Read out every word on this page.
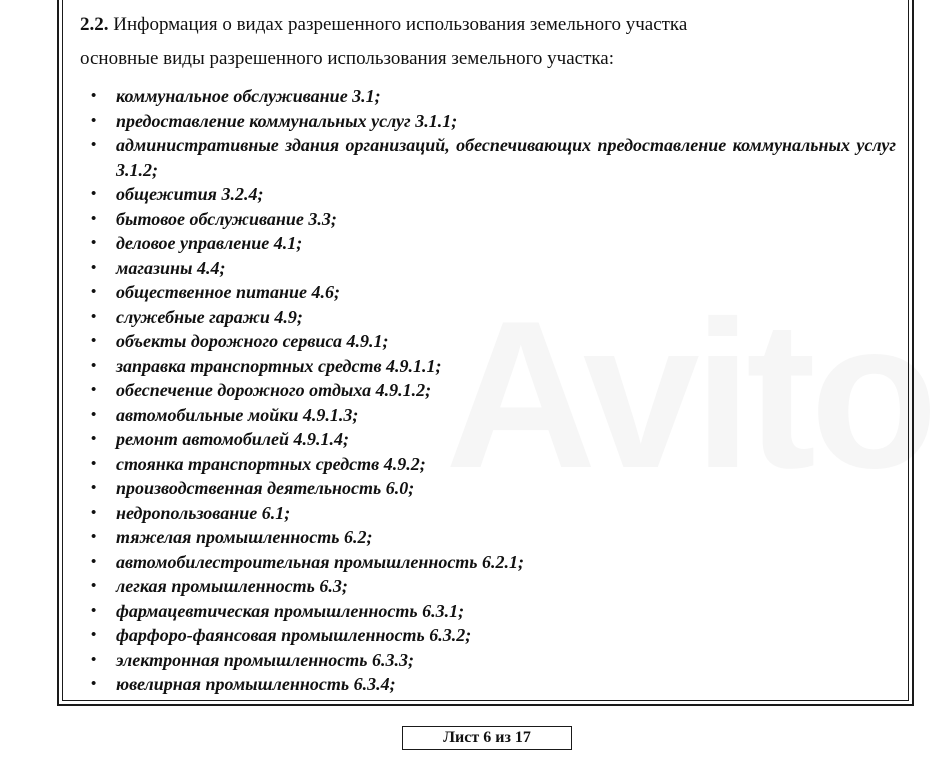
2.2. Информация о видах разрешенного использования земельного участка
основные виды разрешенного использования земельного участка:
• коммунальное обслуживание 3.1;
• предоставление коммунальных услуг 3.1.1;
• административные здания организаций, обеспечивающих предоставление коммунальных услуг 3.1.2;
• общежития 3.2.4;
• бытовое обслуживание 3.3;
• деловое управление 4.1;
• магазины 4.4;
• общественное питание 4.6;
• служебные гаражи 4.9;
• объекты дорожного сервиса 4.9.1;
• заправка транспортных средств 4.9.1.1;
• обеспечение дорожного отдыха 4.9.1.2;
• автомобильные мойки 4.9.1.3;
• ремонт автомобилей 4.9.1.4;
• стоянка транспортных средств 4.9.2;
• производственная деятельность 6.0;
• недропользование 6.1;
• тяжелая промышленность 6.2;
• автомобилестроительная промышленность 6.2.1;
• легкая промышленность 6.3;
• фармацевтическая промышленность 6.3.1;
• фарфоро-фаянсовая промышленность 6.3.2;
• электронная промышленность 6.3.3;
• ювелирная промышленность 6.3.4;
Лист 6 из 17
